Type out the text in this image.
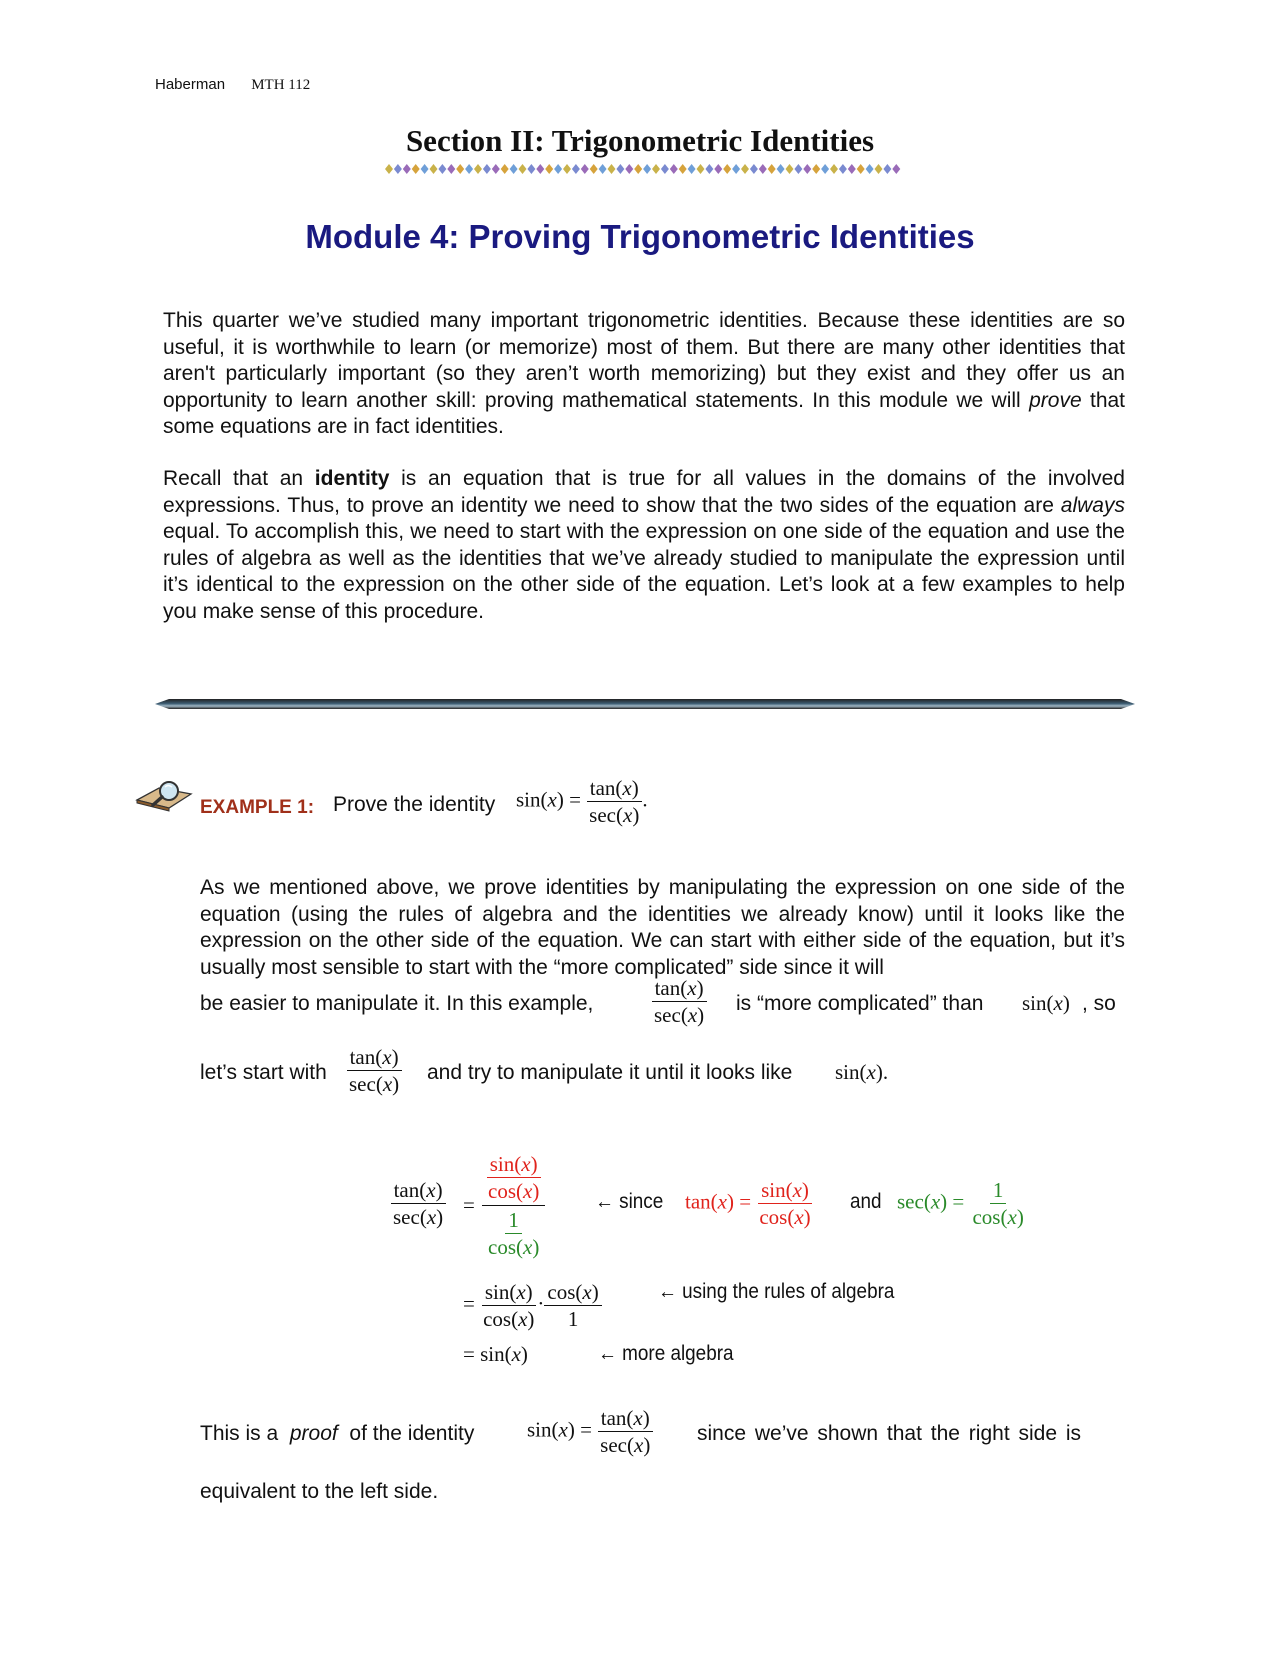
Haberman MTH 112
Section II: Trigonometric Identities
Module 4: Proving Trigonometric Identities
This quarter we’ve studied many important trigonometric identities. Because these identities are so useful, it is worthwhile to learn (or memorize) most of them. But there are many other identities that aren't particularly important (so they aren’t worth memorizing) but they exist and they offer us an opportunity to learn another skill: proving mathematical statements. In this module we will prove that some equations are in fact identities.
Recall that an identity is an equation that is true for all values in the domains of the involved expressions. Thus, to prove an identity we need to show that the two sides of the equation are always equal. To accomplish this, we need to start with the expression on one side of the equation and use the rules of algebra as well as the identities that we’ve already studied to manipulate the expression until it’s identical to the expression on the other side of the equation. Let’s look at a few examples to help you make sense of this procedure.
EXAMPLE 1: Prove the identity $\sin(x) = \frac{\tan(x)}{\sec(x)}$ .
As we mentioned above, we prove identities by manipulating the expression on one side of the equation (using the rules of algebra and the identities we already know) until it looks like the expression on the other side of the equation. We can start with either side of the equation, but it’s usually most sensible to start with the “more complicated” side since it will
be easier to manipulate it. In this example,	$\frac{\tan(x)}{\sec(x)}$ is “more complicated” than sin(x) , so
let’s start with $\frac{\tan(x)}{\sec(x)}$ and try to manipulate it until it looks like sin(x).
$\frac{\tan(x)}{\sec(x)} = \frac{\frac{\sin(x)}{\cos(x)}}{\frac{1}{\cos(x)}}$ ← since	$\tan(x) = \frac{\sin(x)}{\cos(x)}$ and $\sec(x) = \frac{1}{\cos(x)}$
= $\frac{\sin(x)}{\cos(x)} \cdot \frac{\cos(x)}{1}$	← using the rules of algebra
= sin(x)	← more algebra
This is a proof of the identity	$\sin(x) = \frac{\tan(x)}{\sec(x)}$ since we’ve shown that the right side is
equivalent to the left side.
